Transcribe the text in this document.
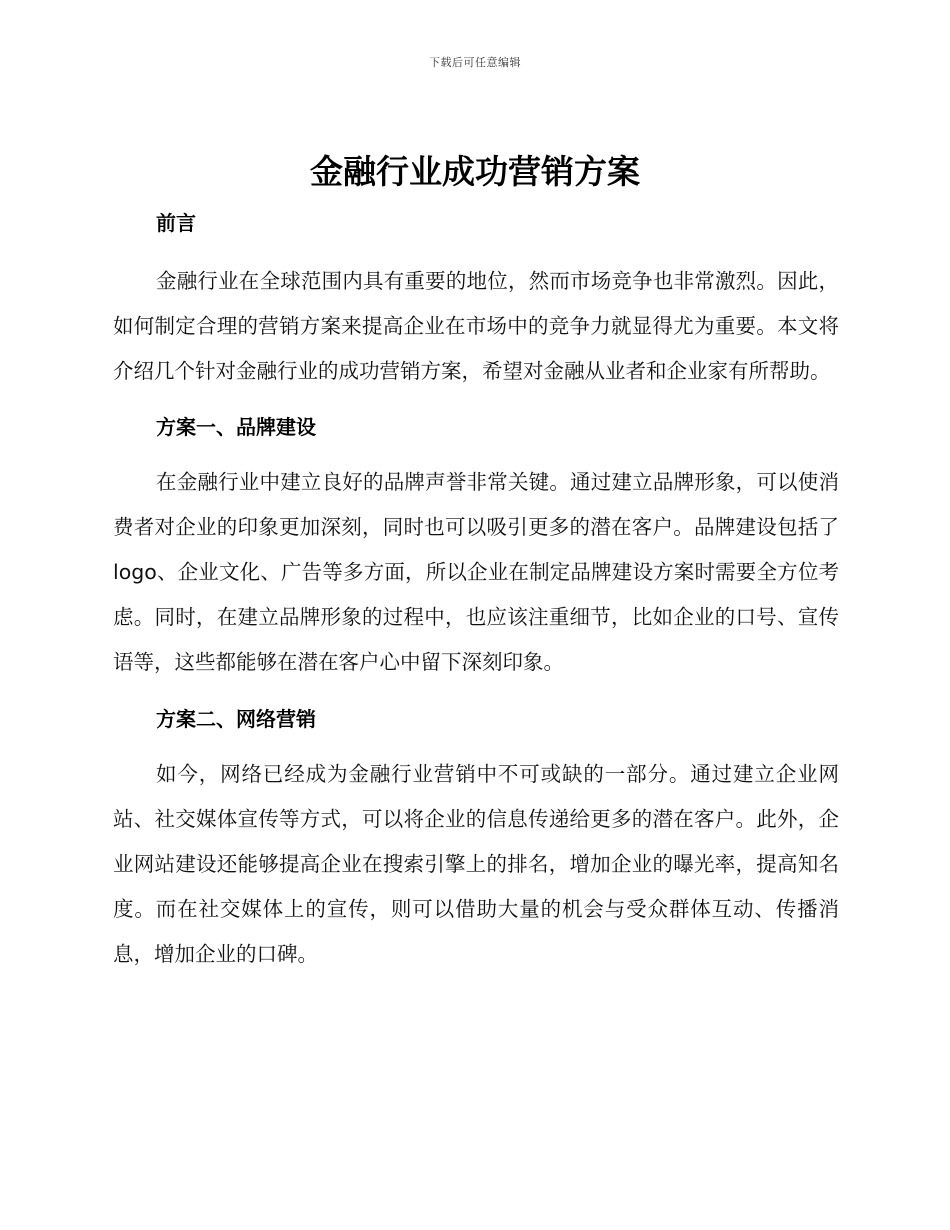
下载后可任意编辑
金融行业成功营销方案
前言

金融行业在全球范围内具有重要的地位，然而市场竞争也非常激烈。因此，如何制定合理的营销方案来提高企业在市场中的竞争力就显得尤为重要。本文将介绍几个针对金融行业的成功营销方案，希望对金融从业者和企业家有所帮助。

方案一、品牌建设

在金融行业中建立良好的品牌声誉非常关键。通过建立品牌形象，可以使消费者对企业的印象更加深刻，同时也可以吸引更多的潜在客户。品牌建设包括了 logo、企业文化、广告等多方面，所以企业在制定品牌建设方案时需要全方位考虑。同时，在建立品牌形象的过程中，也应该注重细节，比如企业的口号、宣传语等，这些都能够在潜在客户心中留下深刻印象。

方案二、网络营销

如今，网络已经成为金融行业营销中不可或缺的一部分。通过建立企业网站、社交媒体宣传等方式，可以将企业的信息传递给更多的潜在客户。此外，企业网站建设还能够提高企业在搜索引擎上的排名，增加企业的曝光率，提高知名度。而在社交媒体上的宣传，则可以借助大量的机会与受众群体互动、传播消息，增加企业的口碑。
